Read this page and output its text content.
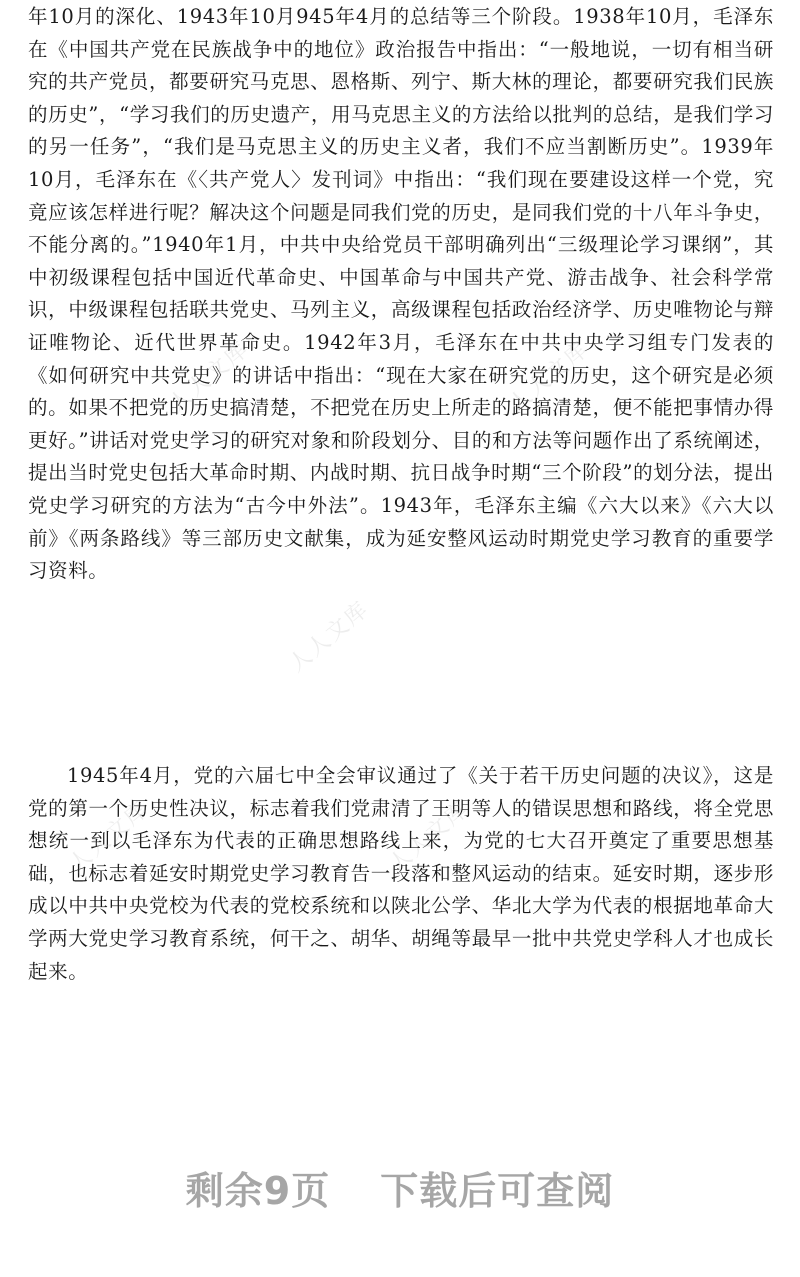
年10月的深化、1943年10月945年4月的总结等三个阶段。1938年10月，毛泽东在《中国共产党在民族战争中的地位》政治报告中指出：“一般地说，一切有相当研究的共产党员，都要研究马克思、恩格斯、列宁、斯大林的理论，都要研究我们民族的历史”，“学习我们的历史遗产，用马克思主义的方法给以批判的总结，是我们学习的另一任务”，“我们是马克思主义的历史主义者，我们不应当割断历史”。1939年10月，毛泽东在《〈共产党人〉发刊词》中指出：“我们现在要建设这样一个党，究竟应该怎样进行呢？解决这个问题是同我们党的历史，是同我们党的十八年斗争史，不能分离的。”1940年1月，中共中央给党员干部明确列出“三级理论学习课纲”，其中初级课程包括中国近代革命史、中国革命与中国共产党、游击战争、社会科学常识，中级课程包括联共党史、马列主义，高级课程包括政治经济学、历史唯物论与辩证唯物论、近代世界革命史。1942年3月，毛泽东在中共中央学习组专门发表的《如何研究中共党史》的讲话中指出：“现在大家在研究党的历史，这个研究是必须的。如果不把党的历史搞清楚，不把党在历史上所走的路搞清楚，便不能把事情办得更好。”讲话对党史学习的研究对象和阶段划分、目的和方法等问题作出了系统阐述，提出当时党史包括大革命时期、内战时期、抗日战争时期“三个阶段”的划分法，提出党史学习研究的方法为“古今中外法”。1943年，毛泽东主编《六大以来》《六大以前》《两条路线》等三部历史文献集，成为延安整风运动时期党史学习教育的重要学习资料。

1945年4月，党的六届七中全会审议通过了《关于若干历史问题的决议》，这是党的第一个历史性决议，标志着我们党肃清了王明等人的错误思想和路线，将全党思想统一到以毛泽东为代表的正确思想路线上来，为党的七大召开奠定了重要思想基础，也标志着延安时期党史学习教育告一段落和整风运动的结束。延安时期，逐步形成以中共中央党校为代表的党校系统和以陕北公学、华北大学为代表的根据地革命大学两大党史学习教育系统，何干之、胡华、胡绳等最早一批中共党史学科人才也成长起来。

人人文库	人人文库
人人文库	人人文库
人人文库
剩余9页 下载后可查阅
